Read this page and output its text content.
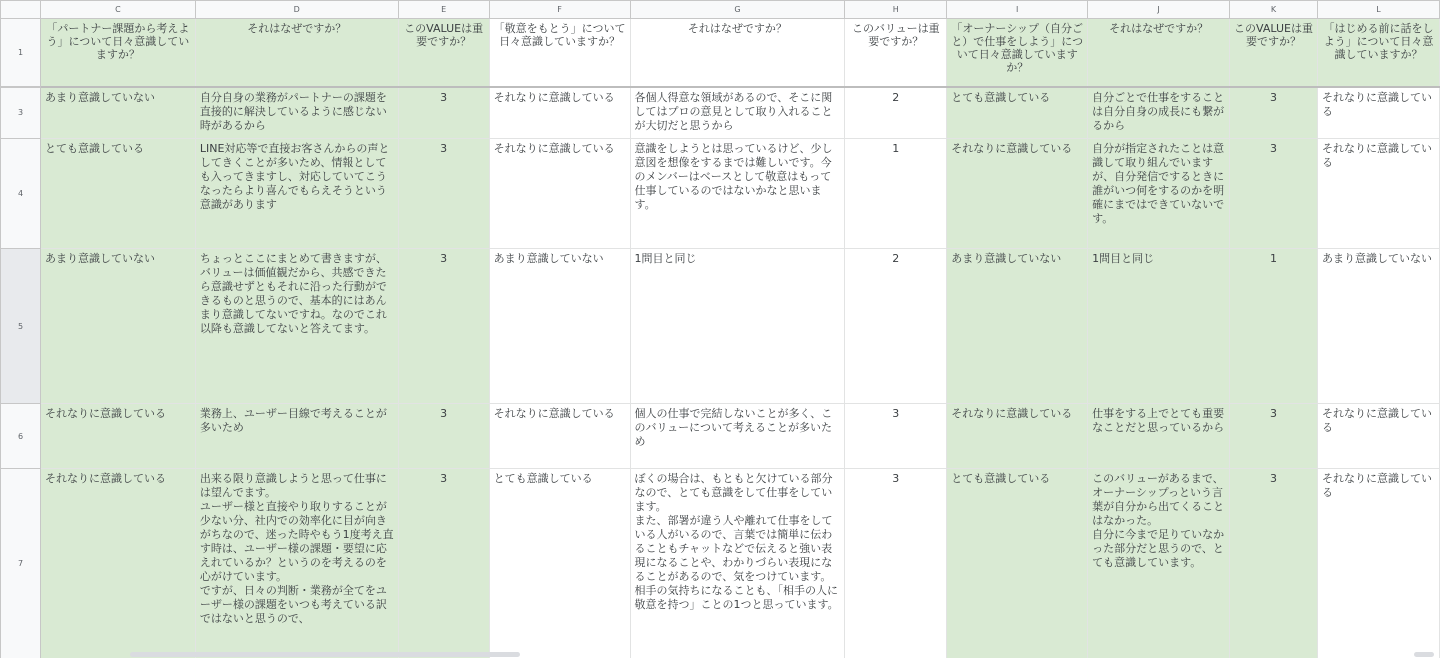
	C	D	E	F	G	H	I	J	K	L
1	「パートナー課題から考えよう」について日々意識していますか？	それはなぜですか？	このVALUEは重要ですか？	「敬意をもとう」について日々意識していますか？	それはなぜですか？	このバリューは重要ですか？	「オーナーシップ（自分ごと）で仕事をしよう」について日々意識していますか？	それはなぜですか？	このVALUEは重要ですか？	「はじめる前に話をしよう」について日々意識していますか？

3	あまり意識していない	自分自身の業務がパートナーの課題を直接的に解決しているように感じない時があるから	3	それなりに意識している	各個人得意な領域があるので、そこに関してはプロの意見として取り入れることが大切だと思うから	2	とても意識している	自分ごとで仕事をすることは自分自身の成長にも繋がるから	3	それなりに意識している

4	とても意識している	LINE対応等で直接お客さんからの声としてきくことが多いため、情報としても入ってきますし、対応していてこうなったらより喜んでもらえそうという意識があります	3	それなりに意識している	意識をしようとは思っているけど、少し意図を想像をするまでは難しいです。今のメンバーはベースとして敬意はもって仕事しているのではないかなと思います。	1	それなりに意識している	自分が指定されたことは意識して取り組んでいますが、自分発信でするときに誰がいつ何をするのかを明確にまではできていないです。	3	それなりに意識している

5	あまり意識していない	ちょっとここにまとめて書きますが、バリューは価値観だから、共感できたら意識せずともそれに沿った行動ができるものと思うので、基本的にはあんまり意識してないですね。なのでこれ以降も意識してないと答えてます。	3	あまり意識していない	1問目と同じ	2	あまり意識していない	1問目と同じ	1	あまり意識していない

6	それなりに意識している	業務上、ユーザー目線で考えることが多いため	3	それなりに意識している	個人の仕事で完結しないことが多く、このバリューについて考えることが多いため	3	それなりに意識している	仕事をする上でとても重要なことだと思っているから	3	それなりに意識している

7	それなりに意識している	出来る限り意識しようと思って仕事には望んでます。
ユーザー様と直接やり取りすることが少ない分、社内での効率化に目が向きがちなので、迷った時やもう1度考え直す時は、ユーザー様の課題・要望に応えれているか？というのを考えるのを心がけています。
ですが、日々の判断・業務が全てをユーザー様の課題をいつも考えている訳ではないと思うので、	3	とても意識している	ぼくの場合は、もともと欠けている部分なので、とても意識をして仕事をしています。
また、部署が違う人や離れて仕事をしている人がいるので、言葉では簡単に伝わることもチャットなどで伝えると強い表現になることや、わかりづらい表現になることがあるので、気をつけています。
相手の気持ちになることも、「相手の人に敬意を持つ」ことの1つと思っています。	3	とても意識している	このバリューがあるまで、オーナーシップっという言葉が自分から出てくることはなかった。
自分に今まで足りていなかった部分だと思うので、とても意識しています。	3	それなりに意識している
